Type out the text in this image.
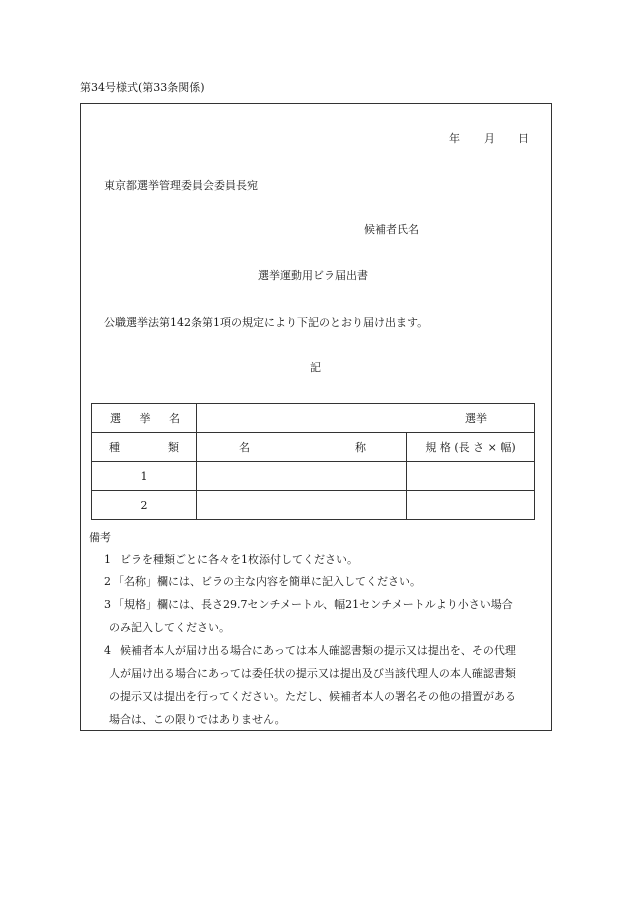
第34号様式(第33条関係)
年 月 日
東京都選挙管理委員会委員長宛
候補者氏名
選挙運動用ビラ届出書
公職選挙法第142条第1項の規定により下記のとおり届け出ます。
記
選 挙 名	選挙	

種 類	名 称	規 格 (長 さ × 幅)
1		
2		
備考
1 ビラを種類ごとに各々を1枚添付してください。
2 「名称」欄には、ビラの主な内容を簡単に記入してください。
3 「規格」欄には、長さ29.7センチメートル、幅21センチメートルより小さい場合
のみ記入してください。
4 候補者本人が届け出る場合にあっては本人確認書類の提示又は提出を、その代理
人が届け出る場合にあっては委任状の提示又は提出及び当該代理人の本人確認書類
の提示又は提出を行ってください。ただし、候補者本人の署名その他の措置がある
場合は、この限りではありません。
